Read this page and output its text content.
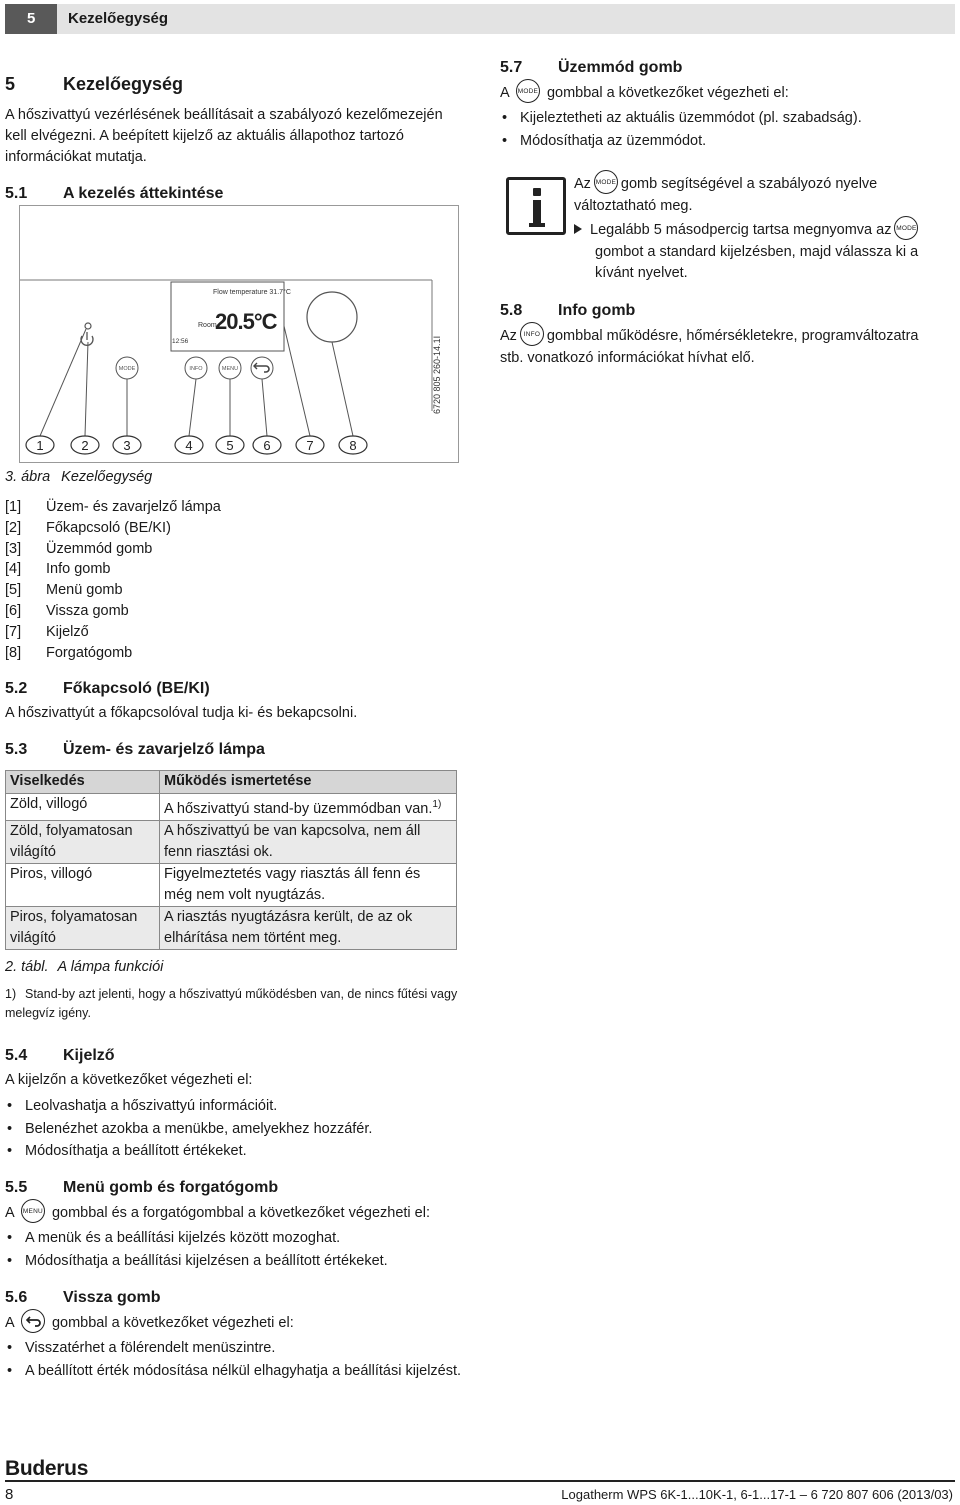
5	Kezelőegység
5	Kezelőegység

A hőszivattyú vezérlésének beállításait a szabályozó kezelőmezején kell elvégezni. A beépített kijelző az aktuális állapothoz tartozó információkat mutatja.

5.1 A kezelés áttekintése
Flow temperature 31.7°C
Room
20.5°C
12:56
MODE	INFO	MENU
1	2	3	4	5 6	7	8
6720 805 260-14.1I
3. ábra Kezelőegység
[1] Üzem- és zavarjelző lámpa
[2] Főkapcsoló (BE/KI)
[3] Üzemmód gomb
[4] Info gomb
[5] Menü gomb
[6] Vissza gomb
[7] Kijelző
[8] Forgatógomb
5.2 Főkapcsoló (BE/KI)

A hőszivattyút a főkapcsolóval tudja ki- és bekapcsolni.

5.3 Üzem- és zavarjelző lámpa
Viselkedés	Működés ismertetése
Zöld, villogó	A hőszivattyú stand-by üzemmódban van.$^{1)}$
Zöld, folyamatosan világító	A hőszivattyú be van kapcsolva, nem áll fenn riasztási ok.
Piros, villogó	Figyelmeztetés vagy riasztás áll fenn és még nem volt nyugtázás.
Piros, folyamatosan világító	A riasztás nyugtázásra került, de az ok elhárítása nem történt meg.
2. tábl. A lámpa funkciói
1) Stand-by azt jelenti, hogy a hőszivattyú működésben van, de nincs fűtési vagy melegvíz igény.
5.4 Kijelző

A kijelzőn a következőket végezheti el:

• Leolvashatja a hőszivattyú információit.
• Belenézhet azokba a menükbe, amelyekhez hozzáfér.
• Módosíthatja a beállított értékeket.
5.5 Menü gomb és forgatógomb

A MENU gombbal és a forgatógombbal a következőket végezheti el:

• A menük és a beállítási kijelzés között mozoghat.
• Módosíthatja a beállítási kijelzésen a beállított értékeket.
5.6 Vissza gomb

A	gombbal a következőket végezheti el:

• Visszatérhet a fölérendelt menüszintre.
• A beállított érték módosítása nélkül elhagyhatja a beállítási kijelzést.
5.7 Üzemmód gomb

A MODE gombbal a következőket végezheti el:

• Kijeleztetheti az aktuális üzemmódot (pl. szabadság).
• Módosíthatja az üzemmódot.

Az MODE gomb segítségével a szabályozó nyelve

változtatható meg.

Legalább 5 másodpercig tartsa megnyomva az MODE

gombot a standard kijelzésben, majd válassza ki a

kívánt nyelvet.

5.8 Info gomb

Az INFO gombbal működésre, hőmérsékletekre, programváltozatra

stb. vonatkozó információkat hívhat elő.

Buderus
8	Logatherm WPS 6K-1...10K-1, 6-1...17-1 – 6 720 807 606 (2013/03)
